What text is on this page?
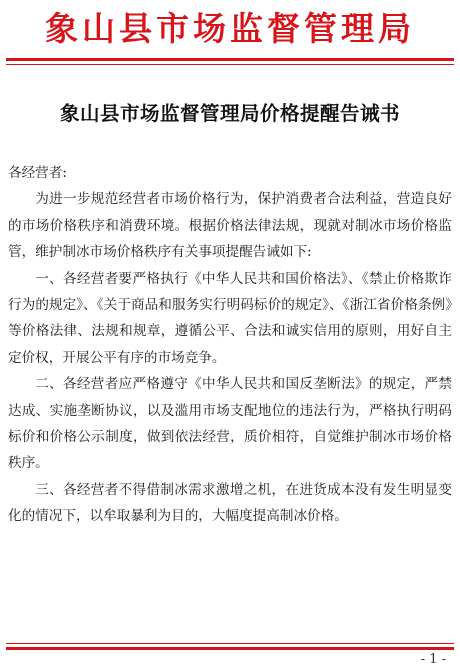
象山县市场监督管理局
象山县市场监督管理局价格提醒告诫书

各经营者:

为进一步规范经营者市场价格行为，保护消费者合法利益，营造良好的市场价格秩序和消费环境。根据价格法律法规，现就对制冰市场价格监管，维护制冰市场价格秩序有关事项提醒告诫如下:

一、各经营者要严格执行《中华人民共和国价格法》、《禁止价格欺诈行为的规定》、《关于商品和服务实行明码标价的规定》、《浙江省价格条例》等价格法律、法规和规章，遵循公平、合法和诚实信用的原则，用好自主定价权，开展公平有序的市场竞争。

二、各经营者应严格遵守《中华人民共和国反垄断法》的规定，严禁达成、实施垄断协议，以及滥用市场支配地位的违法行为，严格执行明码标价和价格公示制度，做到依法经营，质价相符，自觉维护制冰市场价格秩序。

三、各经营者不得借制冰需求激增之机，在进货成本没有发生明显变化的情况下，以牟取暴利为目的，大幅度提高制冰价格。

- 1 -
